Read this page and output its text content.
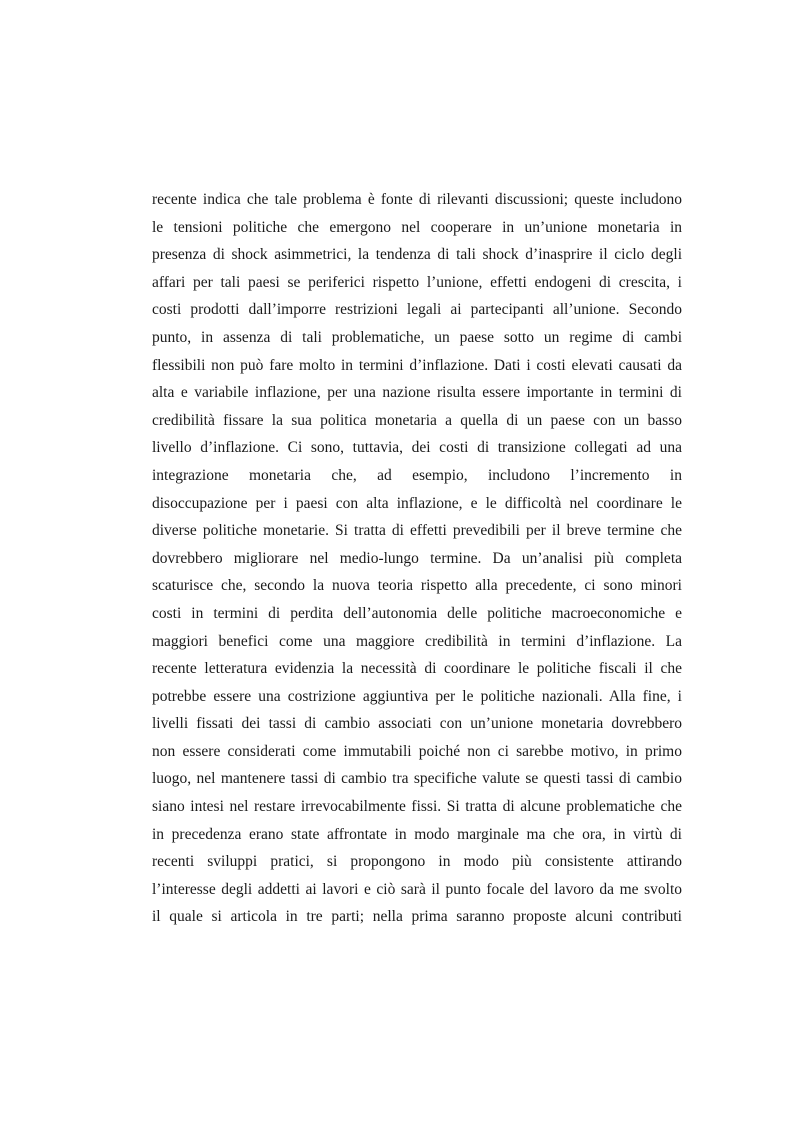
recente indica che tale problema è fonte di rilevanti discussioni; queste includono
le tensioni politiche che emergono nel cooperare in un’unione monetaria in
presenza di shock asimmetrici, la tendenza di tali shock d’inasprire il ciclo degli
affari per tali paesi se periferici rispetto l’unione, effetti endogeni di crescita, i
costi prodotti dall’imporre restrizioni legali ai partecipanti all’unione. Secondo
punto, in assenza di tali problematiche, un paese sotto un regime di cambi
flessibili non può fare molto in termini d’inflazione. Dati i costi elevati causati da
alta e variabile inflazione, per una nazione risulta essere importante in termini di
credibilità fissare la sua politica monetaria a quella di un paese con un basso
livello d’inflazione. Ci sono, tuttavia, dei costi di transizione collegati ad una
integrazione monetaria che, ad esempio, includono l’incremento in
disoccupazione per i paesi con alta inflazione, e le difficoltà nel coordinare le
diverse politiche monetarie. Si tratta di effetti prevedibili per il breve termine che
dovrebbero migliorare nel medio-lungo termine. Da un’analisi più completa
scaturisce che, secondo la nuova teoria rispetto alla precedente, ci sono minori
costi in termini di perdita dell’autonomia delle politiche macroeconomiche e
maggiori benefici come una maggiore credibilità in termini d’inflazione. La
recente letteratura evidenzia la necessità di coordinare le politiche fiscali il che
potrebbe essere una costrizione aggiuntiva per le politiche nazionali. Alla fine, i
livelli fissati dei tassi di cambio associati con un’unione monetaria dovrebbero
non essere considerati come immutabili poiché non ci sarebbe motivo, in primo
luogo, nel mantenere tassi di cambio tra specifiche valute se questi tassi di cambio
siano intesi nel restare irrevocabilmente fissi. Si tratta di alcune problematiche che
in precedenza erano state affrontate in modo marginale ma che ora, in virtù di
recenti sviluppi pratici, si propongono in modo più consistente attirando
l’interesse degli addetti ai lavori e ciò sarà il punto focale del lavoro da me svolto
il quale si articola in tre parti; nella prima saranno proposte alcuni contributi
